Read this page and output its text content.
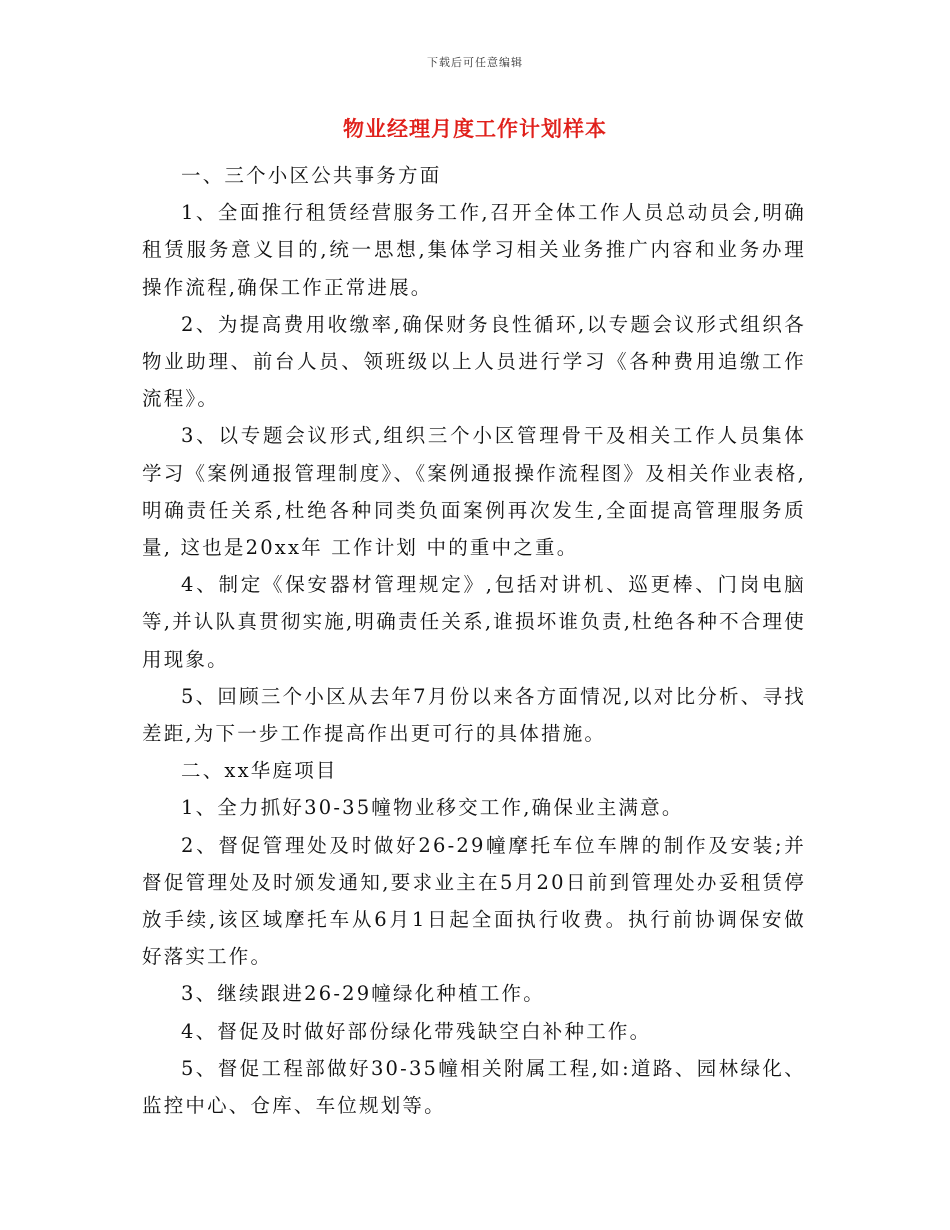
下载后可任意编辑
物业经理月度工作计划样本

一、三个小区公共事务方面

1、全面推行租赁经营服务工作,召开全体工作人员总动员会,明确租赁服务意义目的,统一思想,集体学习相关业务推广内容和业务办理操作流程,确保工作正常进展。

2、为提高费用收缴率,确保财务良性循环,以专题会议形式组织各物业助理、前台人员、领班级以上人员进行学习《各种费用追缴工作流程》。

3、以专题会议形式,组织三个小区管理骨干及相关工作人员集体学习《案例通报管理制度》、《案例通报操作流程图》及相关作业表格,明确责任关系,杜绝各种同类负面案例再次发生,全面提高管理服务质量, 这也是20xx年 工作计划 中的重中之重。

4、制定《保安器材管理规定》,包括对讲机、巡更棒、门岗电脑等,并认队真贯彻实施,明确责任关系,谁损坏谁负责,杜绝各种不合理使用现象。

5、回顾三个小区从去年7月份以来各方面情况,以对比分析、寻找差距,为下一步工作提高作出更可行的具体措施。

二、xx华庭项目

1、全力抓好30-35幢物业移交工作,确保业主满意。

2、督促管理处及时做好26-29幢摩托车位车牌的制作及安装;并督促管理处及时颁发通知,要求业主在5月20日前到管理处办妥租赁停放手续,该区域摩托车从6月1日起全面执行收费。执行前协调保安做好落实工作。

3、继续跟进26-29幢绿化种植工作。

4、督促及时做好部份绿化带残缺空白补种工作。

5、督促工程部做好30-35幢相关附属工程,如:道路、园林绿化、监控中心、仓库、车位规划等。
